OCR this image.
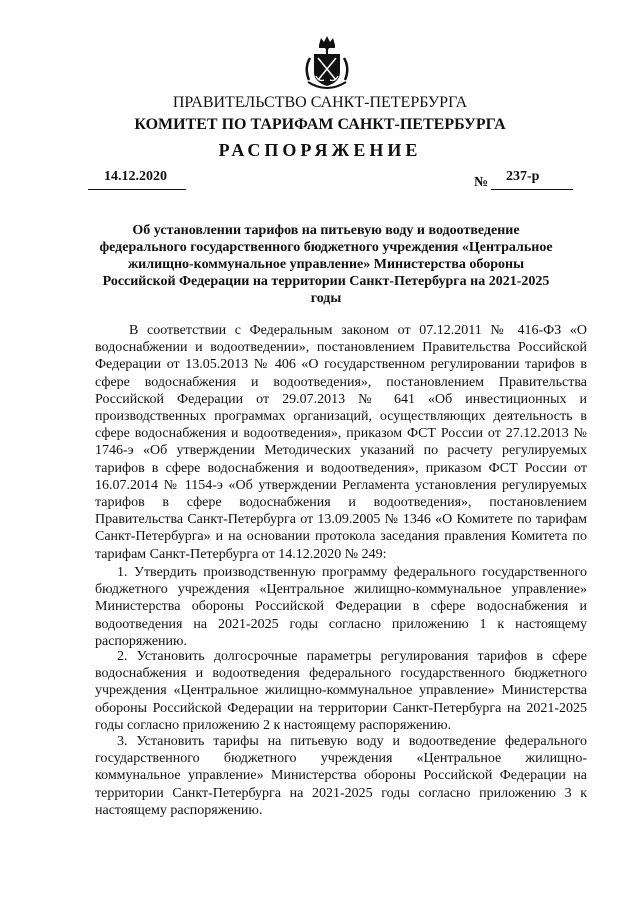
ПРАВИТЕЛЬСТВО САНКТ-ПЕТЕРБУРГА
КОМИТЕТ ПО ТАРИФАМ САНКТ-ПЕТЕРБУРГА
РАСПОРЯЖЕНИЕ
14.12.2020	№ 237-р
Об установлении тарифов на питьевую воду и водоотведение федерального государственного бюджетного учреждения «Центральное жилищно-коммунальное управление» Министерства обороны Российской Федерации на территории Санкт-Петербурга на 2021-2025 годы
В соответствии с Федеральным законом от 07.12.2011 № 416-ФЗ «О водоснабжении и водоотведении», постановлением Правительства Российской Федерации от 13.05.2013 № 406 «О государственном регулировании тарифов в сфере водоснабжения и водоотведения», постановлением Правительства Российской Федерации от 29.07.2013 № 641 «Об инвестиционных и производственных программах организаций, осуществляющих деятельность в сфере водоснабжения и водоотведения», приказом ФСТ России от 27.12.2013 № 1746-э «Об утверждении Методических указаний по расчету регулируемых тарифов в сфере водоснабжения и водоотведения», приказом ФСТ России от 16.07.2014 № 1154-э «Об утверждении Регламента установления регулируемых тарифов в сфере водоснабжения и водоотведения», постановлением Правительства Санкт-Петербурга от 13.09.2005 № 1346 «О Комитете по тарифам Санкт-Петербурга» и на основании протокола заседания правления Комитета по тарифам Санкт-Петербурга от 14.12.2020 № 249:
1. Утвердить производственную программу федерального государственного бюджетного учреждения «Центральное жилищно-коммунальное управление» Министерства обороны Российской Федерации в сфере водоснабжения и водоотведения на 2021-2025 годы согласно приложению 1 к настоящему распоряжению.
2. Установить долгосрочные параметры регулирования тарифов в сфере водоснабжения и водоотведения федерального государственного бюджетного учреждения «Центральное жилищно-коммунальное управление» Министерства обороны Российской Федерации на территории Санкт-Петербурга на 2021-2025 годы согласно приложению 2 к настоящему распоряжению.
3. Установить тарифы на питьевую воду и водоотведение федерального государственного бюджетного учреждения «Центральное жилищно-коммунальное управление» Министерства обороны Российской Федерации на территории Санкт-Петербурга на 2021-2025 годы согласно приложению 3 к настоящему распоряжению.
